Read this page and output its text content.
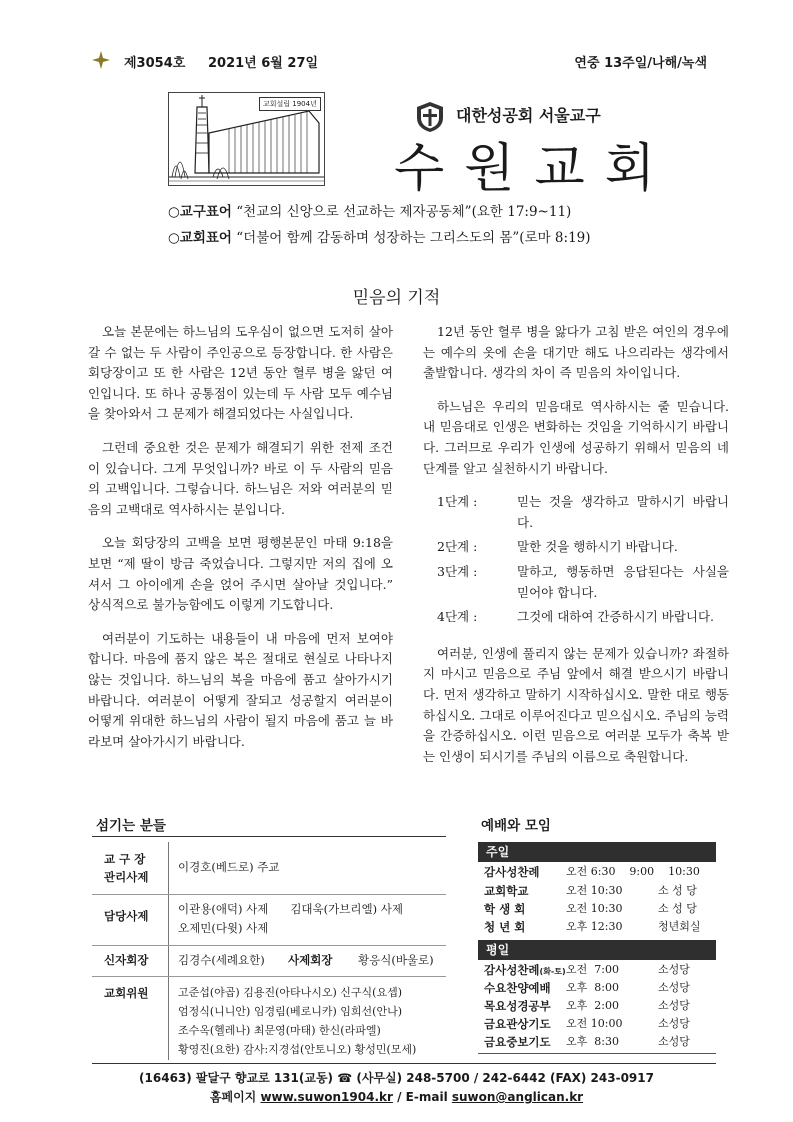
제3054호 2021년 6월 27일	연중 13주일/나해/녹색
교회설립 1904년
대한성공회 서울교구
수원교회
○교구표어 “천교의 신앙으로 선교하는 제자공동체”(요한 17:9~11)
○교회표어 “더불어 함께 감동하며 성장하는 그리스도의 몸”(로마 8:19)
믿음의 기적

오늘 본문에는 하느님의 도우심이 없으면 도저히 살아갈 수 없는 두 사람이 주인공으로 등장합니다. 한 사람은 회당장이고 또 한 사람은 12년 동안 혈루 병을 앓던 여인입니다. 또 하나 공통점이 있는데 두 사람 모두 예수님을 찾아와서 그 문제가 해결되었다는 사실입니다.

그런데 중요한 것은 문제가 해결되기 위한 전제 조건이 있습니다. 그게 무엇입니까? 바로 이 두 사람의 믿음의 고백입니다. 그렇습니다. 하느님은 저와 여러분의 믿음의 고백대로 역사하시는 분입니다.

오늘 회당장의 고백을 보면 평행본문인 마태 9:18을 보면 “제 딸이 방금 죽었습니다. 그렇지만 저의 집에 오셔서 그 아이에게 손을 얹어 주시면 살아날 것입니다.” 상식적으로 불가능함에도 이렇게 기도합니다.

여러분이 기도하는 내용들이 내 마음에 먼저 보여야 합니다. 마음에 품지 않은 복은 절대로 현실로 나타나지 않는 것입니다. 하느님의 복을 마음에 품고 살아가시기 바랍니다. 여러분이 어떻게 잘되고 성공할지 여러분이 어떻게 위대한 하느님의 사람이 될지 마음에 품고 늘 바라보며 살아가시기 바랍니다.

12년 동안 혈루 병을 앓다가 고침 받은 여인의 경우에는 예수의 옷에 손을 대기만 해도 나으리라는 생각에서 출발합니다. 생각의 차이 즉 믿음의 차이입니다.

하느님은 우리의 믿음대로 역사하시는 줄 믿습니다. 내 믿음대로 인생은 변화하는 것임을 기억하시기 바랍니다. 그러므로 우리가 인생에 성공하기 위해서 믿음의 네 단계를 알고 실천하시기 바랍니다.

1단계 :	믿는 것을 생각하고 말하시기 바랍니다.
2단계 :	말한 것을 행하시기 바랍니다.
3단계 :	말하고, 행동하면 응답된다는 사실을 믿어야 합니다.
4단계 :	그것에 대하여 간증하시기 바랍니다.

여러분, 인생에 풀리지 않는 문제가 있습니까? 좌절하지 마시고 믿음으로 주님 앞에서 해결 받으시기 바랍니다. 먼저 생각하고 말하기 시작하십시오. 말한 대로 행동하십시오. 그대로 이루어진다고 믿으십시오. 주님의 능력을 간증하십시오. 이런 믿음으로 여러분 모두가 축복 받는 인생이 되시기를 주님의 이름으로 축원합니다.

섬기는 분들
교 구 장
관리사제
이경호(베드로) 주교
담당사제	이관용(애덕) 사제      김대욱(가브리엘) 사제
오제민(다윗) 사제
신자회장	김경수(세례요한) 사제회장 황응식(바울로)
교회위원	고준섭(야곱) 김용진(아타나시오) 신구식(요셉)
엄정식(니니안) 임경림(베로니카) 임희선(안나)
조수옥(헬레나) 최문영(마태) 한신(라파엘)
황영진(요한) 감사:지경섭(안토니오) 황성민(모세)
예배와 모임
주일
감사성찬례 오전 6:30    9:00    10:30
교회학교	오전 10:30	소 성 당
학 생 회	오전 10:30	소 성 당
청 년 회	오후 12:30	청년회실
평일
감사성찬례(화-토) 오전  7:00	소성당
수요찬양예배 오후  8:00	소성당
목요성경공부 오후  2:00	소성당
금요관상기도 오전 10:00	소성당
금요중보기도 오후  8:30	소성당
(16463) 팔달구 향교로 131(교동) ☎ (사무실) 248-5700 / 242-6442 (FAX) 243-0917
홈페이지 www.suwon1904.kr / E-mail suwon@anglican.kr
